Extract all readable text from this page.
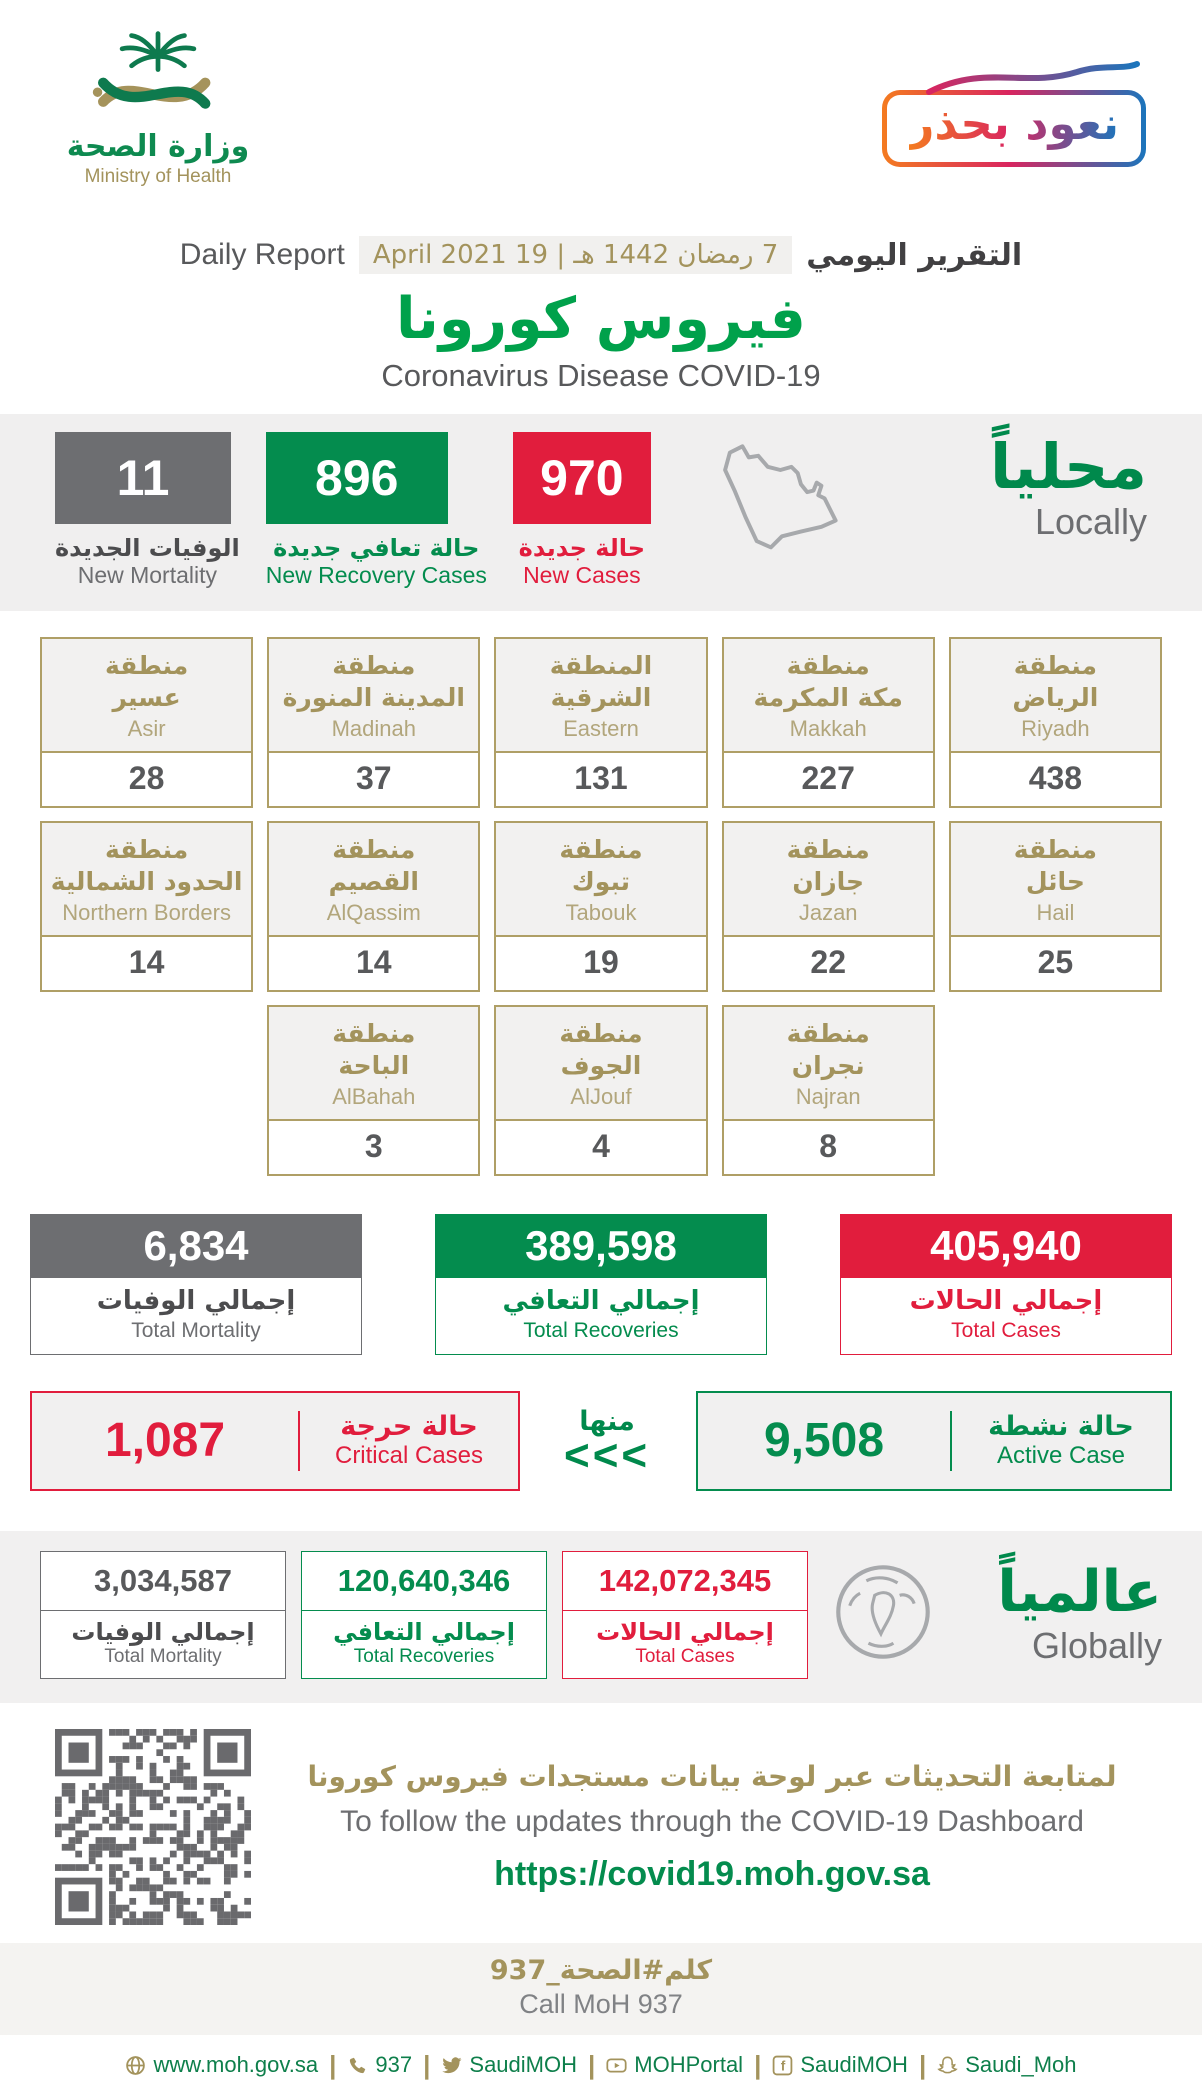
وزارة الصحة
Ministry of Health
نعود بحذر
التقرير اليومي
7 رمضان 1442 هـ | 19 April 2021
Daily Report
فيروس كورونا
Coronavirus Disease COVID-19
11
الوفيات الجديدة
New Mortality
896
حالة تعافي جديدة
New Recovery Cases
970
حالة جديدة
New Cases
محلياً
Locally
منطقة
عسير
Asir
28
منطقة
المدينة المنورة
Madinah
37
المنطقة
الشرقية
Eastern
131
منطقة
مكة المكرمة
Makkah
227
منطقة
الرياض
Riyadh
438
منطقة
الحدود الشمالية
Northern Borders
14
منطقة
القصيم
AlQassim
14
منطقة
تبوك
Tabouk
19
منطقة
جازان
Jazan
22
منطقة
حائل
Hail
25
منطقة
الباحة
AlBahah
3
منطقة
الجوف
AlJouf
4
منطقة
نجران
Najran
8
6,834
إجمالي الوفيات
Total Mortality
389,598
إجمالي التعافي
Total Recoveries
405,940
إجمالي الحالات
Total Cases
1,087	حالة حرجة
Critical Cases
منها
<<<	9,508	حالة نشطة
Active Case
3,034,587
إجمالي الوفيات
Total Mortality
120,640,346
إجمالي التعافي
Total Recoveries
142,072,345
إجمالي الحالات
Total Cases
عالمياً
Globally
لمتابعة التحديثات عبر لوحة بيانات مستجدات فيروس كورونا
To follow the updates through the COVID-19 Dashboard
https://covid19.moh.gov.sa
كلم#الصحة_937
Call MoH 937
www.moh.gov.sa | 937 | SaudiMOH | MOHPortal | f SaudiMOH | Saudi_Moh
